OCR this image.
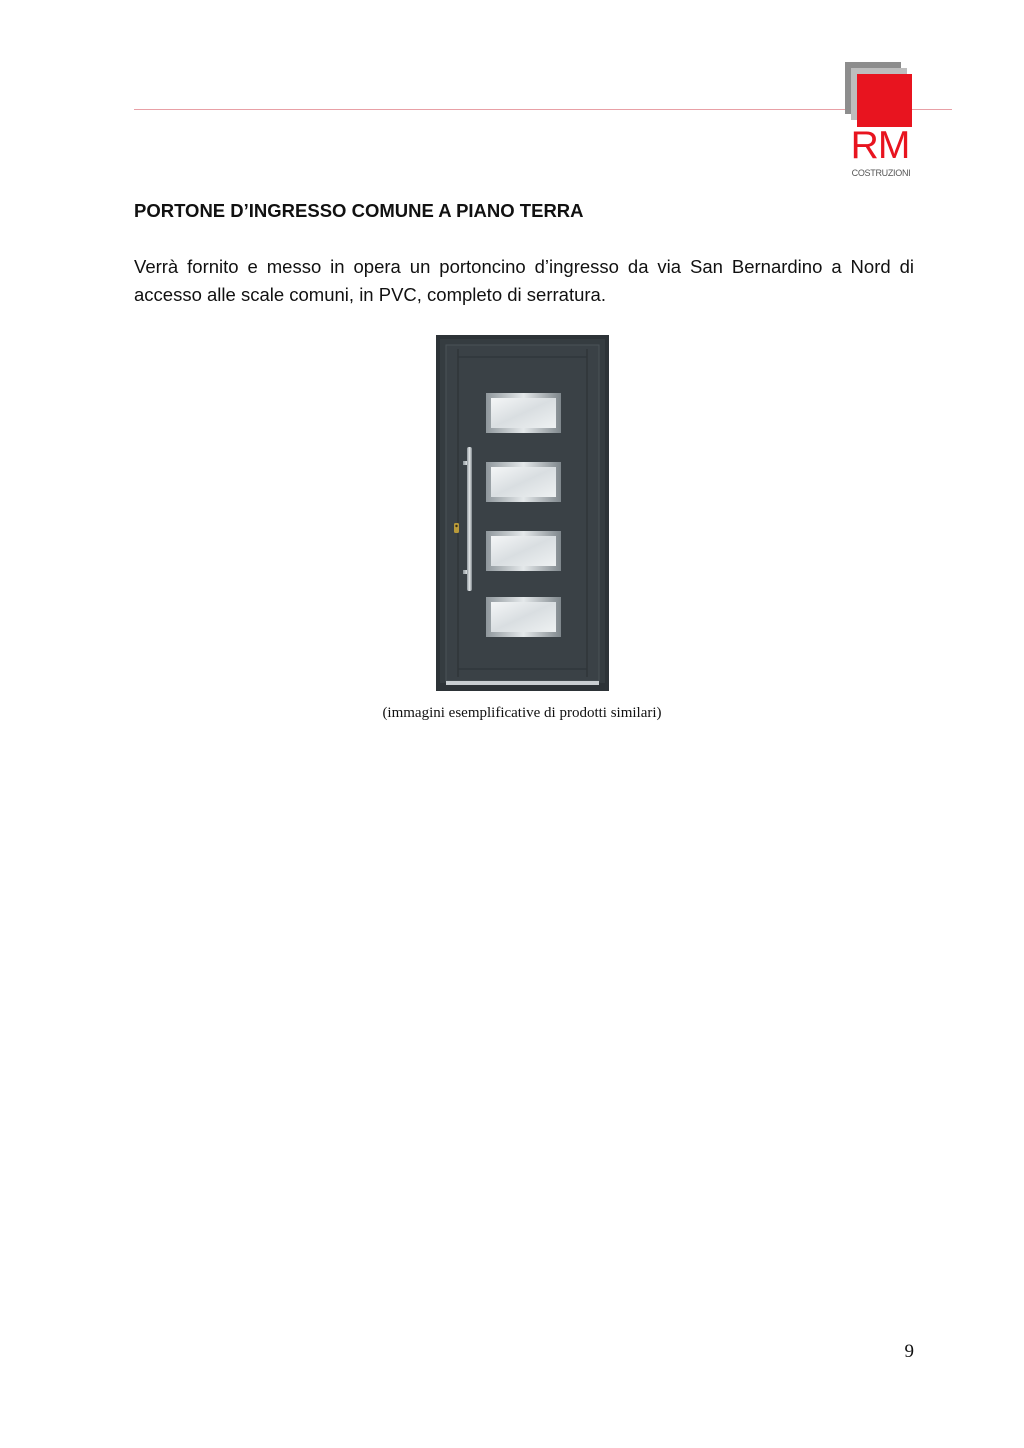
RM
COSTRUZIONI
PORTONE D’INGRESSO COMUNE A PIANO TERRA

Verrà fornito e messo in opera un portoncino d’ingresso da via San Bernardino a Nord di accesso alle scale comuni, in PVC, completo di serratura.

(immagini esemplificative di prodotti similari)
9
